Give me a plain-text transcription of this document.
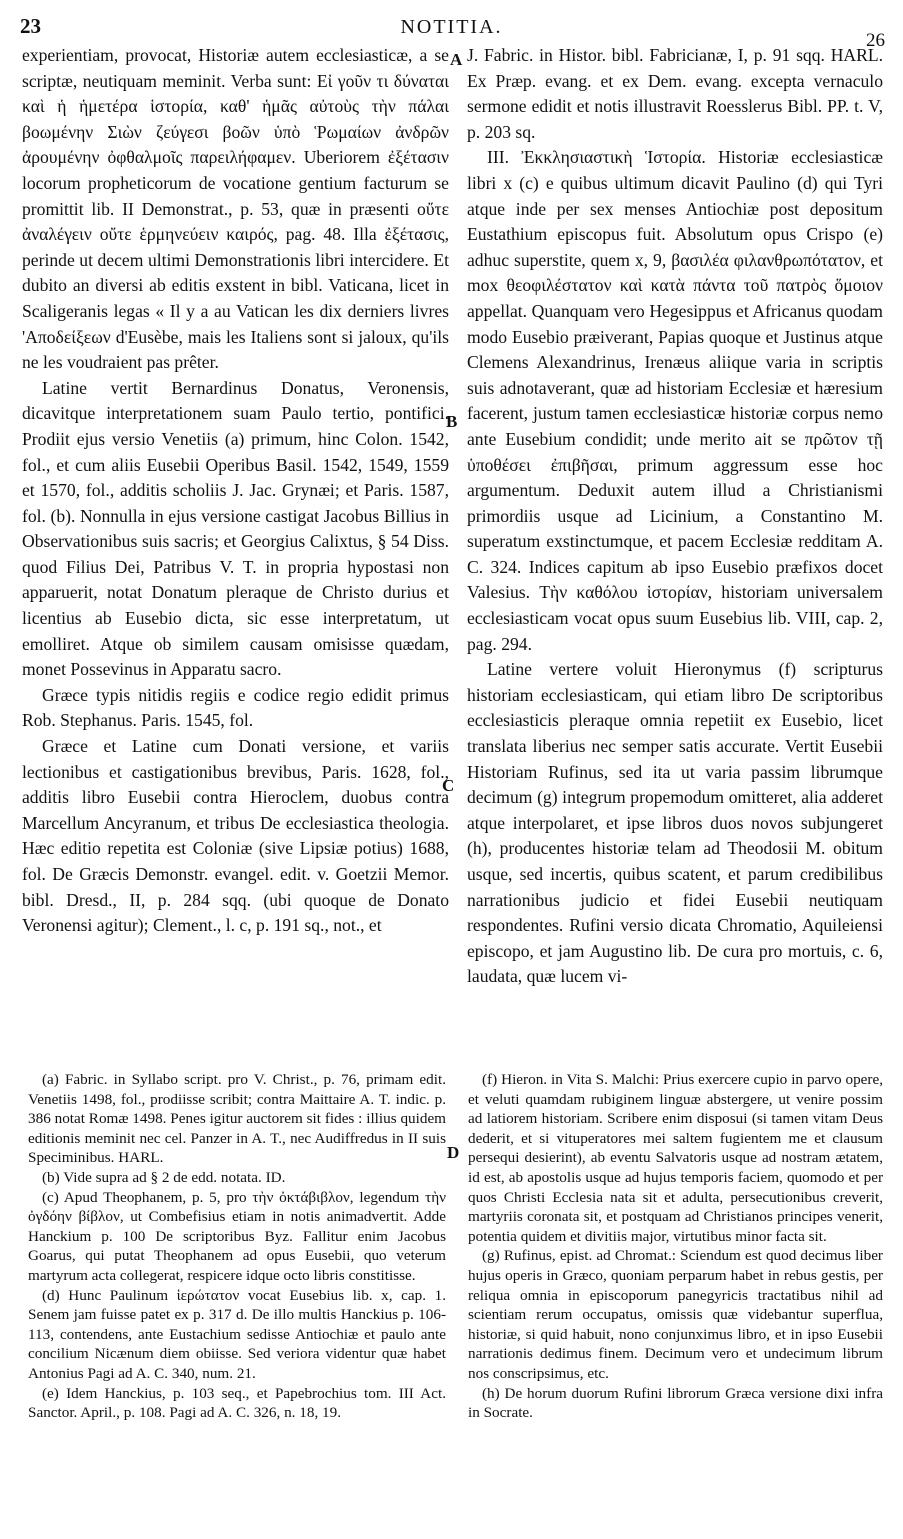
23	NOTITIA.
26

experientiam, provocat, Historiæ autem ecclesiasticæ, a se scriptæ, neutiquam meminit. Verba sunt: Εἰ γοῦν τι δύναται καὶ ἡ ἡμετέρα ἱστορία, καθ' ἡμᾶς αὐτοὺς τὴν πάλαι βοωμένην Σιὼν ζεύγεσι βοῶν ὑπὸ Ῥωμαίων ἀνδρῶν ἀρουμένην ὀφθαλμοῖς παρειλήφαμεν. Uberiorem ἐξέτασιν locorum propheticorum de vocatione gentium facturum se promittit lib. II Demonstrat., p. 53, quæ in præsenti οὔτε ἀναλέγειν οὔτε ἑρμηνεύειν καιρός, pag. 48. Illa ἐξέτασις, perinde ut decem ultimi Demonstrationis libri intercidere. Et dubito an diversi ab editis exstent in bibl. Vaticana, licet in Scaligeranis legas « Il y a au Vatican les dix derniers livres 'Αποδείξεων d'Eusèbe, mais les Italiens sont si jaloux, qu'ils ne les voudraient pas prêter.

Latine vertit Bernardinus Donatus, Veronensis, dicavitque interpretationem suam Paulo tertio, pontifici. Prodiit ejus versio Venetiis (a) primum, hinc Colon. 1542, fol., et cum aliis Eusebii Operibus Basil. 1542, 1549, 1559 et 1570, fol., additis scholiis J. Jac. Grynæi; et Paris. 1587, fol. (b). Nonnulla in ejus versione castigat Jacobus Billius in Observationibus suis sacris; et Georgius Calixtus, § 54 Diss. quod Filius Dei, Patribus V. T. in propria hypostasi non apparuerit, notat Donatum pleraque de Christo durius et licentius ab Eusebio dicta, sic esse interpretatum, ut emolliret. Atque ob similem causam omisisse quædam, monet Possevinus in Apparatu sacro.

Græce typis nitidis regiis e codice regio edidit primus Rob. Stephanus. Paris. 1545, fol.

Græce et Latine cum Donati versione, et variis lectionibus et castigationibus brevibus, Paris. 1628, fol., additis libro Eusebii contra Hieroclem, duobus contra Marcellum Ancyranum, et tribus De ecclesiastica theologia. Hæc editio repetita est Coloniæ (sive Lipsiæ potius) 1688, fol. De Græcis Demonstr. evangel. edit. v. Goetzii Memor. bibl. Dresd., II, p. 284 sqq. (ubi quoque de Donato Veronensi agitur); Clement., l. c, p. 191 sq., not., et

A
B
C
D

J. Fabric. in Histor. bibl. Fabricianæ, I, p. 91 sqq. HARL. Ex Præp. evang. et ex Dem. evang. excepta vernaculo sermone edidit et notis illustravit Roesslerus Bibl. PP. t. V, p. 203 sq.

III. Ἐκκλησιαστικὴ Ἱστορία. Historiæ ecclesiasticæ libri x (c) e quibus ultimum dicavit Paulino (d) qui Tyri atque inde per sex menses Antiochiæ post depositum Eustathium episcopus fuit. Absolutum opus Crispo (e) adhuc superstite, quem x, 9, βασιλέα φιλανθρωπότατον, et mox θεοφιλέστατον καὶ κατὰ πάντα τοῦ πατρὸς ὅμοιον appellat. Quanquam vero Hegesippus et Africanus quodam modo Eusebio præiverant, Papias quoque et Justinus atque Clemens Alexandrinus, Irenæus aliique varia in scriptis suis adnotaverant, quæ ad historiam Ecclesiæ et hæresium facerent, justum tamen ecclesiasticæ historiæ corpus nemo ante Eusebium condidit; unde merito ait se πρῶτον τῇ ὑποθέσει ἐπιβῆσαι, primum aggressum esse hoc argumentum. Deduxit autem illud a Christianismi primordiis usque ad Licinium, a Constantino M. superatum exstinctumque, et pacem Ecclesiæ redditam A. C. 324. Indices capitum ab ipso Eusebio præfixos docet Valesius. Τὴν καθόλου ἱστορίαν, historiam universalem ecclesiasticam vocat opus suum Eusebius lib. VIII, cap. 2, pag. 294.

Latine vertere voluit Hieronymus (f) scripturus historiam ecclesiasticam, qui etiam libro De scriptoribus ecclesiasticis pleraque omnia repetiit ex Eusebio, licet translata liberius nec semper satis accurate. Vertit Eusebii Historiam Rufinus, sed ita ut varia passim librumque decimum (g) integrum propemodum omitteret, alia adderet atque interpolaret, et ipse libros duos novos subjungeret (h), producentes historiæ telam ad Theodosii M. obitum usque, sed incertis, quibus scatent, et parum credibilibus narrationibus judicio et fidei Eusebii neutiquam respondentes. Rufini versio dicata Chromatio, Aquileiensi episcopo, et jam Augustino lib. De cura pro mortuis, c. 6, laudata, quæ lucem vi-

(a) Fabric. in Syllabo script. pro V. Christ., p. 76, primam edit. Venetiis 1498, fol., prodiisse scribit; contra Maittaire A. T. indic. p. 386 notat Romæ 1498. Penes igitur auctorem sit fides : illius quidem editionis meminit nec cel. Panzer in A. T., nec Audiffredus in II suis Speciminibus. HARL.

(b) Vide supra ad § 2 de edd. notata. ID.

(c) Apud Theophanem, p. 5, pro τὴν ὀκτάβιβλον, legendum τὴν ὀγδόην βίβλον, ut Combefisius etiam in notis animadvertit. Adde Hanckium p. 100 De scriptoribus Byz. Fallitur enim Jacobus Goarus, qui putat Theophanem ad opus Eusebii, quo veterum martyrum acta collegerat, respicere idque octo libris constitisse.

(d) Hunc Paulinum ἱερώτατον vocat Eusebius lib. x, cap. 1. Senem jam fuisse patet ex p. 317 d. De illo multis Hanckius p. 106-113, contendens, ante Eustachium sedisse Antiochiæ et paulo ante concilium Nicænum diem obiisse. Sed veriora videntur quæ habet Antonius Pagi ad A. C. 340, num. 21.

(e) Idem Hanckius, p. 103 seq., et Papebrochius tom. III Act. Sanctor. April., p. 108. Pagi ad A. C. 326, n. 18, 19.

(f) Hieron. in Vita S. Malchi: Prius exercere cupio in parvo opere, et veluti quamdam rubiginem linguæ abstergere, ut venire possim ad latiorem historiam. Scribere enim disposui (si tamen vitam Deus dederit, et si vituperatores mei saltem fugientem me et clausum persequi desierint), ab eventu Salvatoris usque ad nostram ætatem, id est, ab apostolis usque ad hujus temporis faciem, quomodo et per quos Christi Ecclesia nata sit et adulta, persecutionibus creverit, martyriis coronata sit, et postquam ad Christianos principes venerit, potentia quidem et divitiis major, virtutibus minor facta sit.

(g) Rufinus, epist. ad Chromat.: Sciendum est quod decimus liber hujus operis in Græco, quoniam perparum habet in rebus gestis, per reliqua omnia in episcoporum panegyricis tractatibus nihil ad scientiam rerum occupatus, omissis quæ videbantur superflua, historiæ, si quid habuit, nono conjunximus libro, et in ipso Eusebii narrationis dedimus finem. Decimum vero et undecimum librum nos conscripsimus, etc.

(h) De horum duorum Rufini librorum Græca versione dixi infra in Socrate.
